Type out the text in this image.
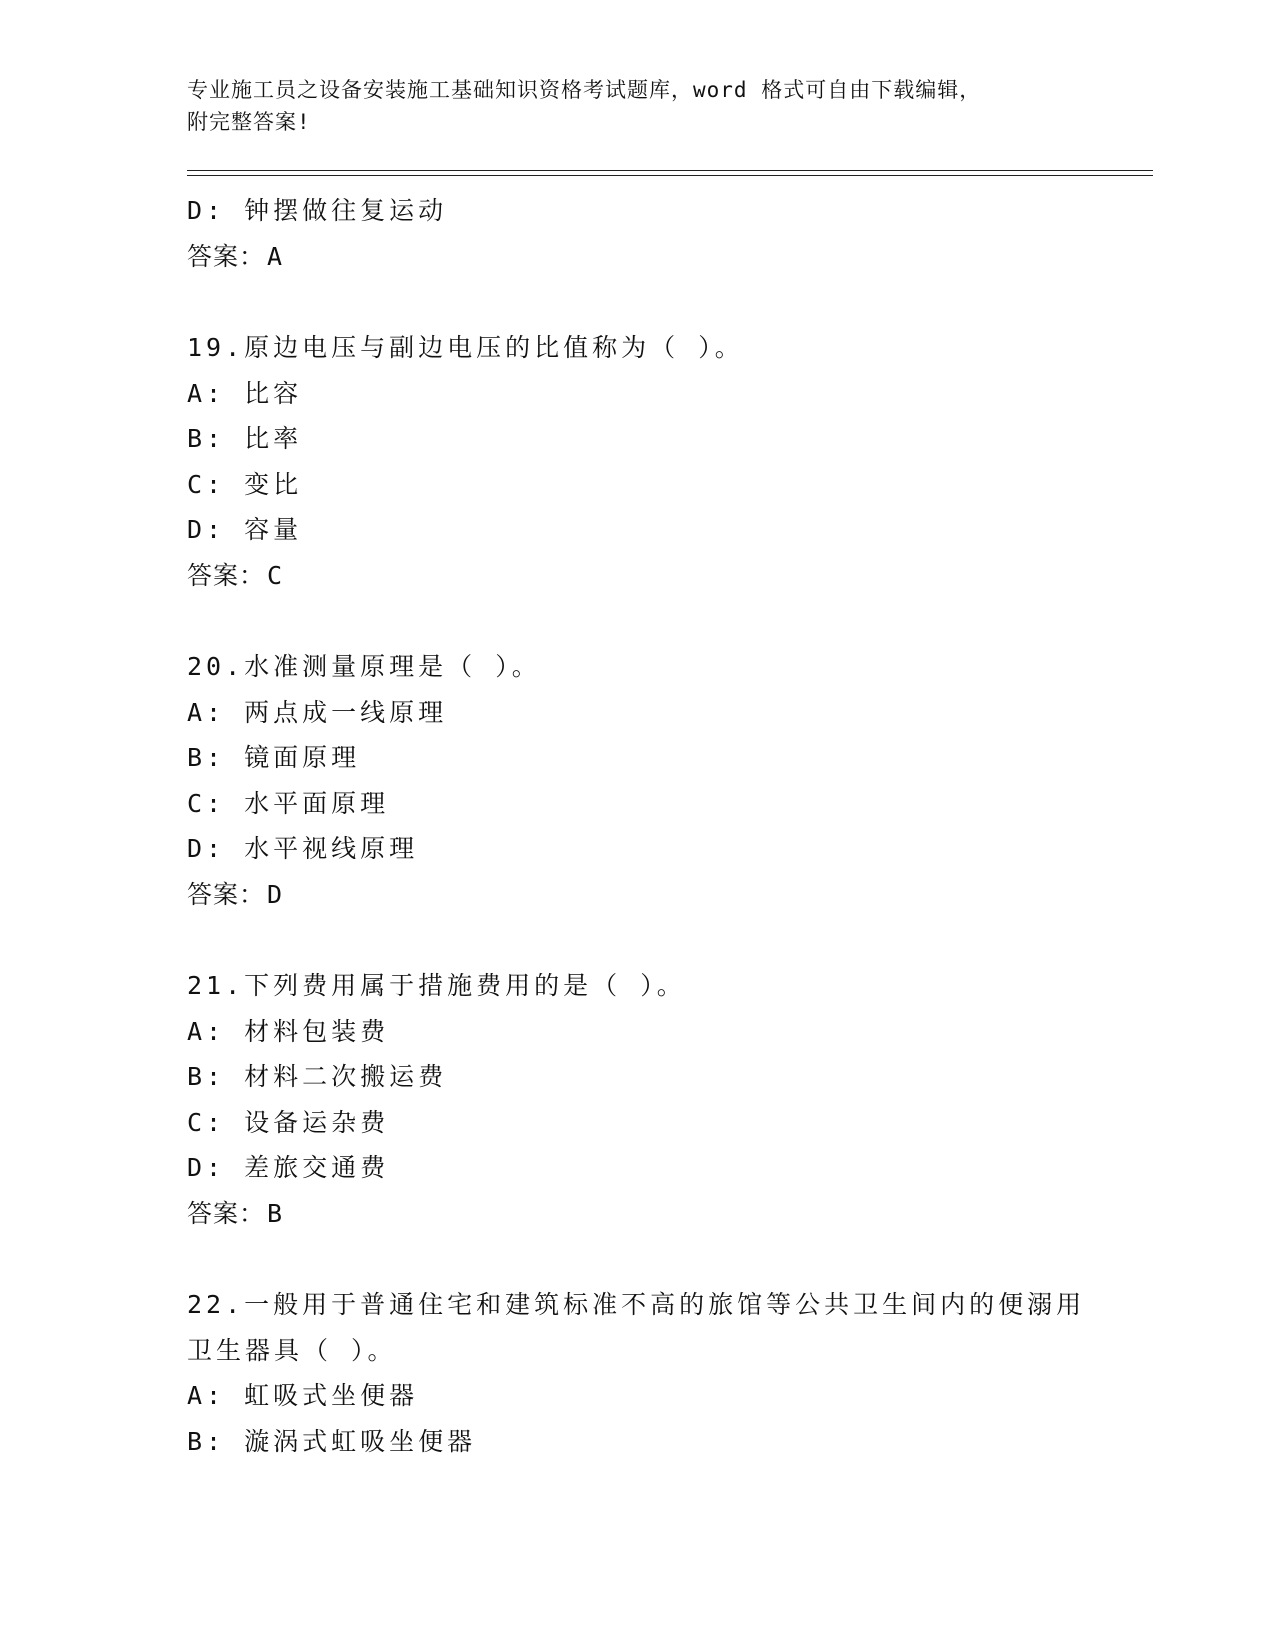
专业施工员之设备安装施工基础知识资格考试题库，word 格式可自由下载编辑，
附完整答案!
D: 钟摆做往复运动
答案：A
19.原边电压与副边电压的比值称为（ ）。
A: 比容
B: 比率
C: 变比
D: 容量
答案：C
20.水准测量原理是（ ）。
A: 两点成一线原理
B: 镜面原理
C: 水平面原理
D: 水平视线原理
答案：D
21.下列费用属于措施费用的是（ ）。
A: 材料包装费
B: 材料二次搬运费
C: 设备运杂费
D: 差旅交通费
答案：B
22.一般用于普通住宅和建筑标准不高的旅馆等公共卫生间内的便溺用
卫生器具（ ）。
A: 虹吸式坐便器
B: 漩涡式虹吸坐便器
